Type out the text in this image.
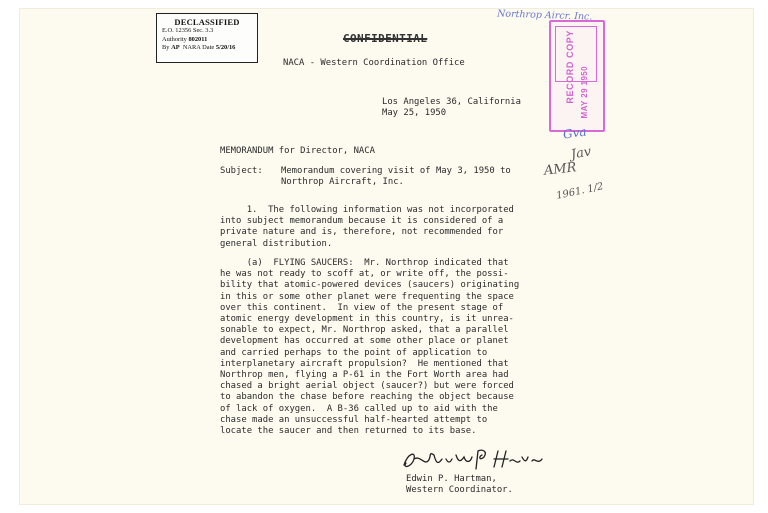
DECLASSIFIED
E.O. 12356 Sec. 3.3
Authority 802011
By AP NARA Date 5/20/16
CONFIDENTIAL
Northrop Aircr. Inc.
RECORD COPY MAY 29 1950
NACA - Western Coordination Office
Los Angeles 36, California
May 25, 1950
MEMORANDUM for Director, NACA
Subject: Memorandum covering visit of May 3, 1950 to
Northrop Aircraft, Inc.
1.  The following information was not incorporated
into subject memorandum because it is considered of a
private nature and is, therefore, not recommended for
general distribution.
(a)  FLYING SAUCERS:  Mr. Northrop indicated that
he was not ready to scoff at, or write off, the possi-
bility that atomic-powered devices (saucers) originating
in this or some other planet were frequenting the space
over this continent.  In view of the present stage of
atomic energy development in this country, is it unrea-
sonable to expect, Mr. Northrop asked, that a parallel
development has occurred at some other place or planet
and carried perhaps to the point of application to
interplanetary aircraft propulsion?  He mentioned that
Northrop men, flying a P-61 in the Fort Worth area had
chased a bright aerial object (saucer?) but were forced
to abandon the chase before reaching the object because
of lack of oxygen.  A B-36 called up to aid with the
chase made an unsuccessful half-hearted attempt to
locate the saucer and then returned to its base.
Edwin P. Hartman,
Western Coordinator.
Gva
Jav
AMR
1961. 1/2
